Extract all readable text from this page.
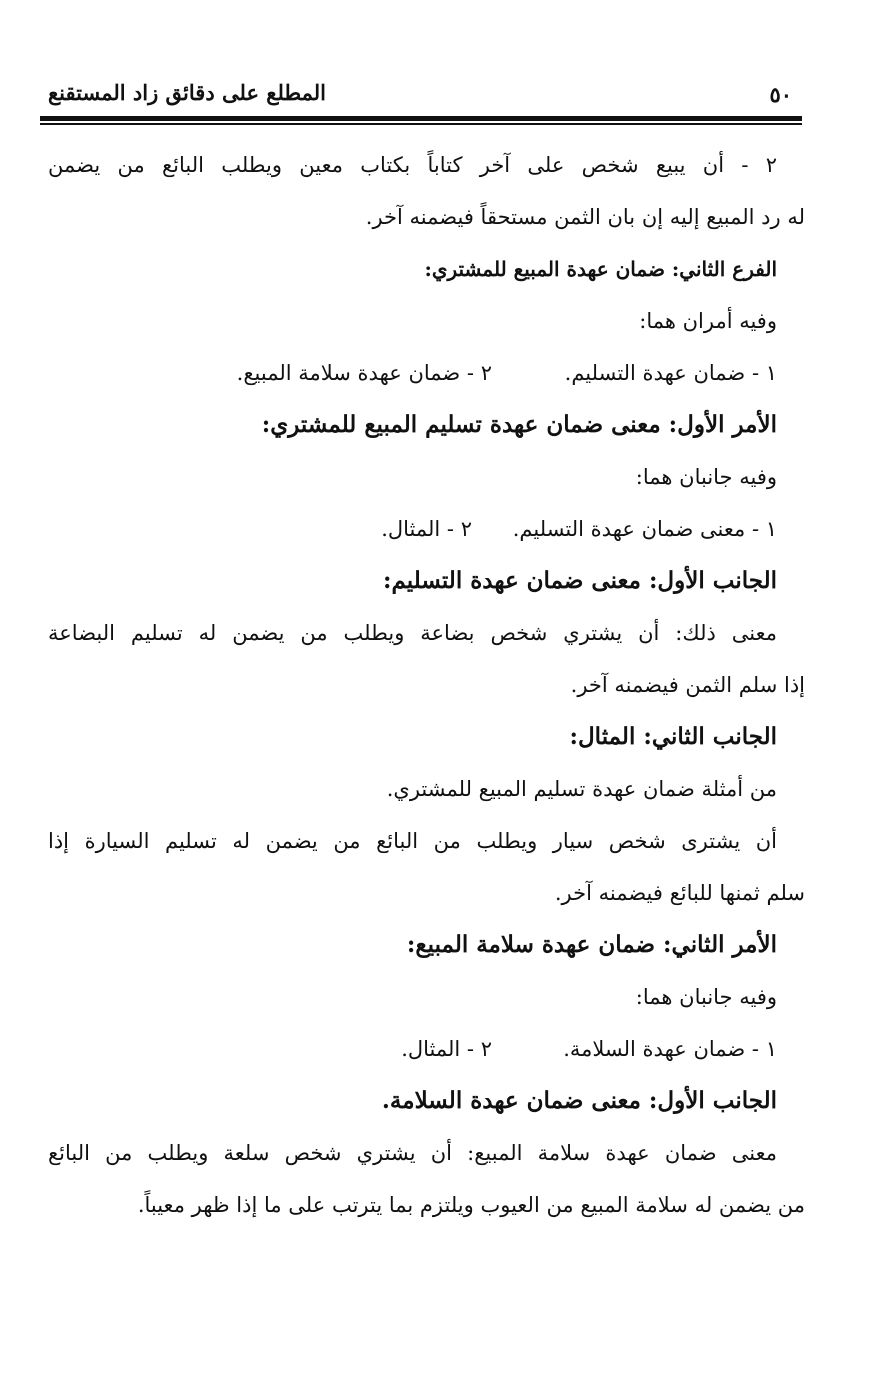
٥٠
المطلع على دقائق زاد المستقنع
٢ - أن يبيع شخص على آخر كتاباً بكتاب معين ويطلب البائع من يضمن
له رد المبيع إليه إن بان الثمن مستحقاً فيضمنه آخر.
الفرع الثاني: ضمان عهدة المبيع للمشتري:
وفيه أمران هما:
١ - ضمان عهدة التسليم.
٢ - ضمان عهدة سلامة المبيع.
الأمر الأول: معنى ضمان عهدة تسليم المبيع للمشتري:
وفيه جانبان هما:
١ - معنى ضمان عهدة التسليم.
٢ - المثال.
الجانب الأول: معنى ضمان عهدة التسليم:
معنى ذلك: أن يشتري شخص بضاعة ويطلب من يضمن له تسليم البضاعة
إذا سلم الثمن فيضمنه آخر.
الجانب الثاني: المثال:
من أمثلة ضمان عهدة تسليم المبيع للمشتري.
أن يشترى شخص سيار ويطلب من البائع من يضمن له تسليم السيارة إذا
سلم ثمنها للبائع فيضمنه آخر.
الأمر الثاني: ضمان عهدة سلامة المبيع:
وفيه جانبان هما:
١ - ضمان عهدة السلامة.
٢ - المثال.
الجانب الأول: معنى ضمان عهدة السلامة.
معنى ضمان عهدة سلامة المبيع: أن يشتري شخص سلعة ويطلب من البائع
من يضمن له سلامة المبيع من العيوب ويلتزم بما يترتب على ما إذا ظهر معيباً.
